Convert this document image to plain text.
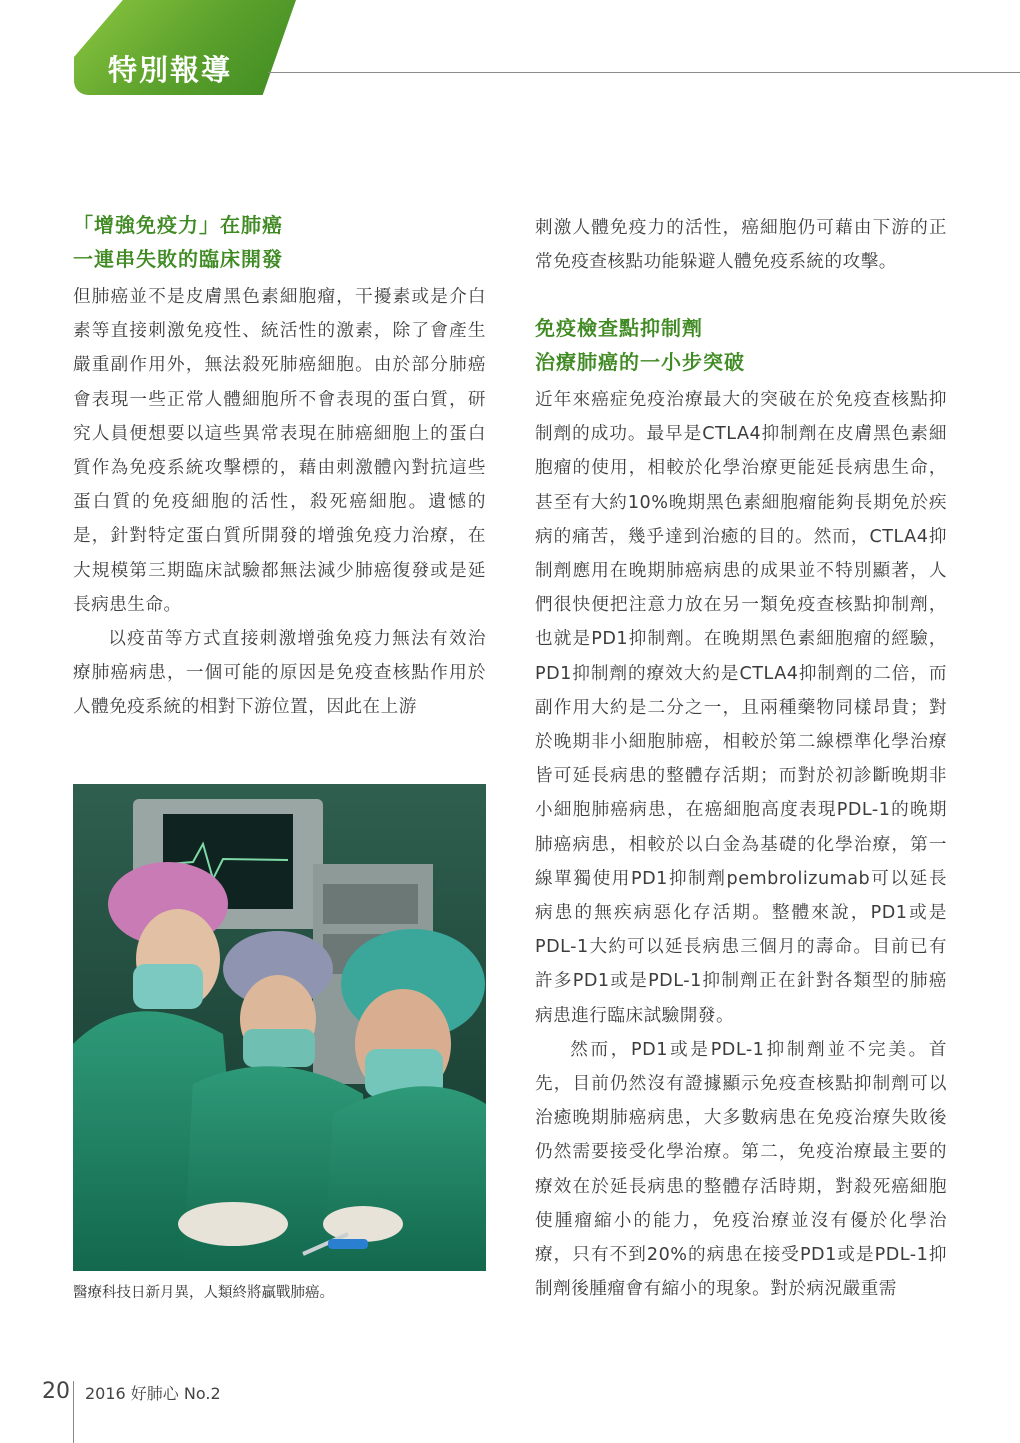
特別報導
「增強免疫力」在肺癌
一連串失敗的臨床開發

但肺癌並不是皮膚黑色素細胞瘤，干擾素或是介白素等直接刺激免疫性、統活性的激素，除了會產生嚴重副作用外，無法殺死肺癌細胞。由於部分肺癌會表現一些正常人體細胞所不會表現的蛋白質，研究人員便想要以這些異常表現在肺癌細胞上的蛋白質作為免疫系統攻擊標的，藉由刺激體內對抗這些蛋白質的免疫細胞的活性，殺死癌細胞。遺憾的是，針對特定蛋白質所開發的增強免疫力治療，在大規模第三期臨床試驗都無法減少肺癌復發或是延長病患生命。

以疫苗等方式直接刺激增強免疫力無法有效治療肺癌病患，一個可能的原因是免疫查核點作用於人體免疫系統的相對下游位置，因此在上游

醫療科技日新月異，人類終將贏戰肺癌。

刺激人體免疫力的活性，癌細胞仍可藉由下游的正常免疫查核點功能躲避人體免疫系統的攻擊。

免疫檢查點抑制劑
治療肺癌的一小步突破

近年來癌症免疫治療最大的突破在於免疫查核點抑制劑的成功。最早是CTLA4抑制劑在皮膚黑色素細胞瘤的使用，相較於化學治療更能延長病患生命，甚至有大約10%晚期黑色素細胞瘤能夠長期免於疾病的痛苦，幾乎達到治癒的目的。然而，CTLA4抑制劑應用在晚期肺癌病患的成果並不特別顯著，人們很快便把注意力放在另一類免疫查核點抑制劑，也就是PD1抑制劑。在晚期黑色素細胞瘤的經驗，PD1抑制劑的療效大約是CTLA4抑制劑的二倍，而副作用大約是二分之一，且兩種藥物同樣昂貴；對於晚期非小細胞肺癌，相較於第二線標準化學治療皆可延長病患的整體存活期；而對於初診斷晚期非小細胞肺癌病患，在癌細胞高度表現PDL-1的晚期肺癌病患，相較於以白金為基礎的化學治療，第一線單獨使用PD1抑制劑pembrolizumab可以延長病患的無疾病惡化存活期。整體來說，PD1或是PDL-1大約可以延長病患三個月的壽命。目前已有許多PD1或是PDL-1抑制劑正在針對各類型的肺癌病患進行臨床試驗開發。

然而，PD1或是PDL-1抑制劑並不完美。首先，目前仍然沒有證據顯示免疫查核點抑制劑可以治癒晚期肺癌病患，大多數病患在免疫治療失敗後仍然需要接受化學治療。第二，免疫治療最主要的療效在於延長病患的整體存活時期，對殺死癌細胞使腫瘤縮小的能力，免疫治療並沒有優於化學治療，只有不到20%的病患在接受PD1或是PDL-1抑制劑後腫瘤會有縮小的現象。對於病況嚴重需

20 2016 好肺心 No.2
